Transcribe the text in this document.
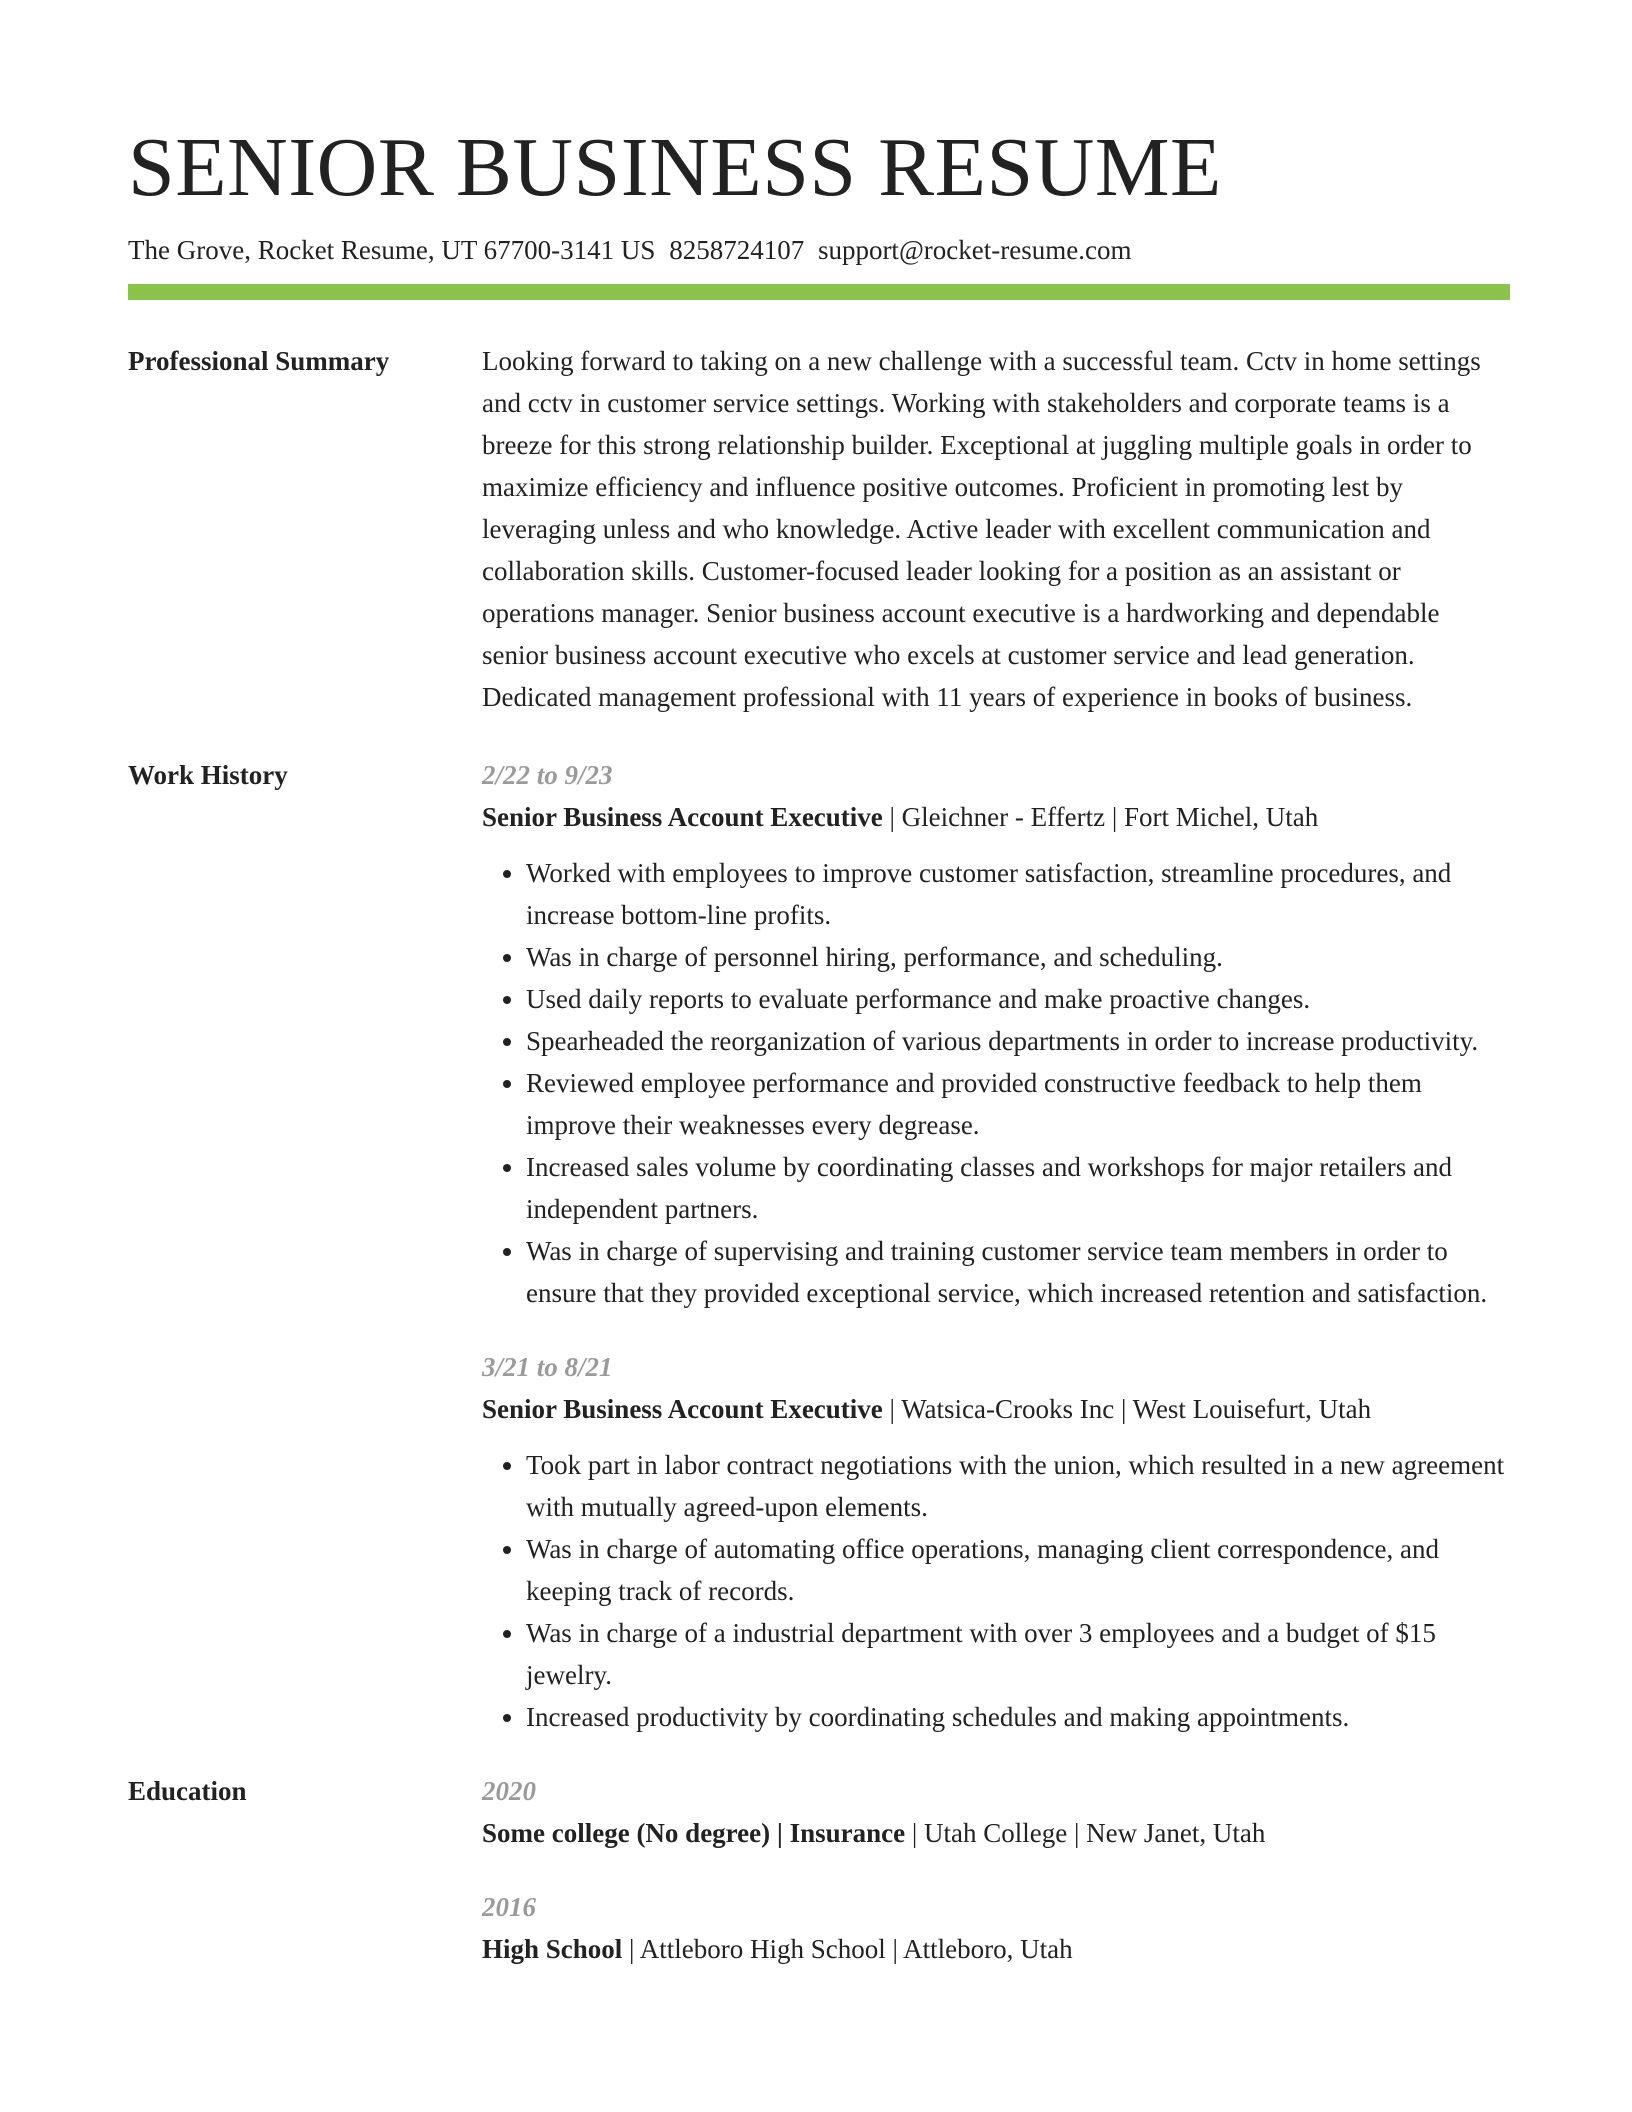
SENIOR BUSINESS RESUME
The Grove, Rocket Resume, UT 67700-3141 US 8258724107 support@rocket-resume.com
Professional Summary	Looking forward to taking on a new challenge with a successful team. Cctv in home settings and cctv in customer service settings. Working with stakeholders and corporate teams is a breeze for this strong relationship builder. Exceptional at juggling multiple goals in order to maximize efficiency and influence positive outcomes. Proficient in promoting lest by leveraging unless and who knowledge. Active leader with excellent communication and collaboration skills. Customer-focused leader looking for a position as an assistant or operations manager. Senior business account executive is a hardworking and dependable senior business account executive who excels at customer service and lead generation. Dedicated management professional with 11 years of experience in books of business.
Work History	2/22 to 9/23
Senior Business Account Executive | Gleichner - Effertz | Fort Michel, Utah
• Worked with employees to improve customer satisfaction, streamline procedures, and increase bottom-line profits.
• Was in charge of personnel hiring, performance, and scheduling.
• Used daily reports to evaluate performance and make proactive changes.
• Spearheaded the reorganization of various departments in order to increase productivity.
• Reviewed employee performance and provided constructive feedback to help them improve their weaknesses every degrease.
• Increased sales volume by coordinating classes and workshops for major retailers and independent partners.
• Was in charge of supervising and training customer service team members in order to ensure that they provided exceptional service, which increased retention and satisfaction.
3/21 to 8/21
Senior Business Account Executive | Watsica-Crooks Inc | West Louisefurt, Utah
• Took part in labor contract negotiations with the union, which resulted in a new agreement with mutually agreed-upon elements.
• Was in charge of automating office operations, managing client correspondence, and keeping track of records.
• Was in charge of a industrial department with over 3 employees and a budget of $15 jewelry.
• Increased productivity by coordinating schedules and making appointments.
Education	2020
Some college (No degree) | Insurance | Utah College | New Janet, Utah
2016
High School | Attleboro High School | Attleboro, Utah
